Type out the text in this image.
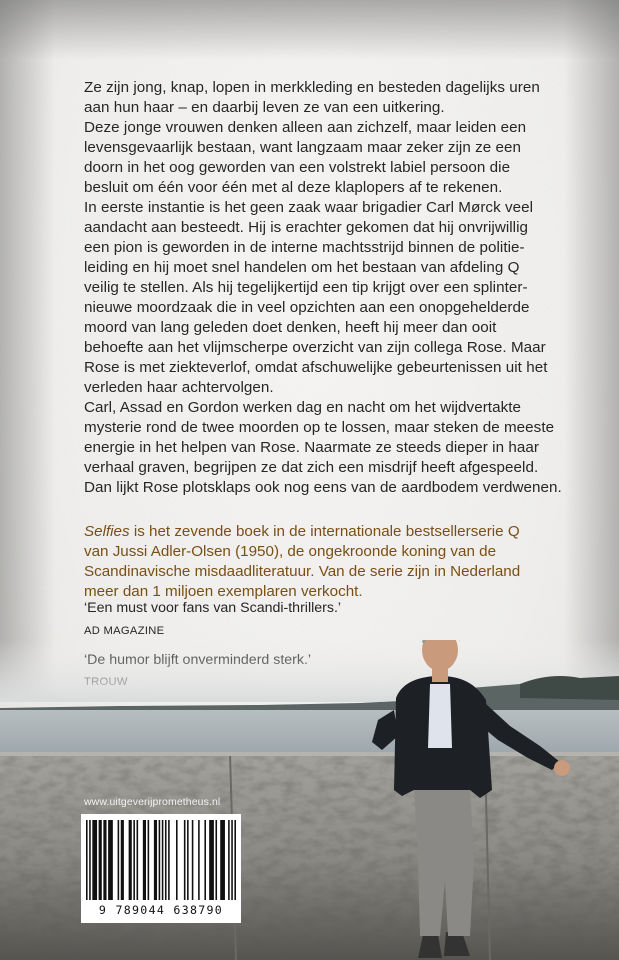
Ze zijn jong, knap, lopen in merkkleding en besteden dagelijks uren

aan hun haar – en daarbij leven ze van een uitkering.

Deze jonge vrouwen denken alleen aan zichzelf, maar leiden een

levensgevaarlijk bestaan, want langzaam maar zeker zijn ze een

doorn in het oog geworden van een volstrekt labiel persoon die

besluit om één voor één met al deze klaplopers af te rekenen.

In eerste instantie is het geen zaak waar brigadier Carl Mørck veel

aandacht aan besteedt. Hij is erachter gekomen dat hij onvrijwillig

een pion is geworden in de interne machtsstrijd binnen de politie-

leiding en hij moet snel handelen om het bestaan van afdeling Q

veilig te stellen. Als hij tegelijkertijd een tip krijgt over een splinter-

nieuwe moordzaak die in veel opzichten aan een onopgehelderde

moord van lang geleden doet denken, heeft hij meer dan ooit

behoefte aan het vlijmscherpe overzicht van zijn collega Rose. Maar

Rose is met ziekteverlof, omdat afschuwelijke gebeurtenissen uit het

verleden haar achtervolgen.

Carl, Assad en Gordon werken dag en nacht om het wijdvertakte

mysterie rond de twee moorden op te lossen, maar steken de meeste

energie in het helpen van Rose. Naarmate ze steeds dieper in haar

verhaal graven, begrijpen ze dat zich een misdrijf heeft afgespeeld.

Dan lijkt Rose plotsklaps ook nog eens van de aardbodem verdwenen.

Selfies is het zevende boek in de internationale bestsellerserie Q

van Jussi Adler-Olsen (1950), de ongekroonde koning van de

Scandinavische misdaadliteratuur. Van de serie zijn in Nederland

meer dan 1 miljoen exemplaren verkocht.

‘Een must voor fans van Scandi-thrillers.’
AD MAGAZINE
www.uitgeverijprometheus.nl
9 789044 638790
